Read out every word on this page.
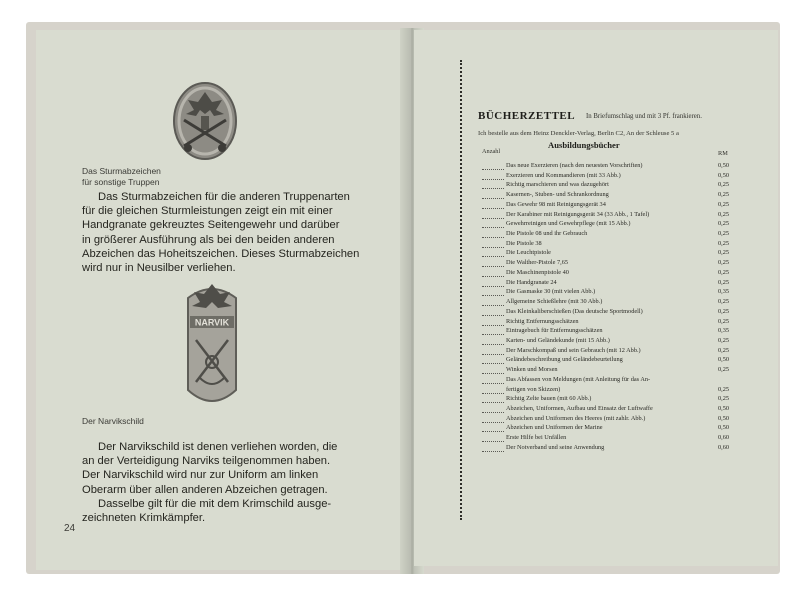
Das Sturmabzeichen
für sonstige Truppen
Das Sturmabzeichen für die anderen Truppenarten
für die gleichen Sturmleistungen zeigt ein mit einer
Handgranate gekreuztes Seitengewehr und darüber
in größerer Ausführung als bei den beiden anderen
Abzeichen das Hoheitszeichen. Dieses Sturmabzeichen
wird nur in Neusilber verliehen.
NARVIK
Der Narvikschild
Der Narvikschild ist denen verliehen worden, die
an der Verteidigung Narviks teilgenommen haben.
Der Narvikschild wird nur zur Uniform am linken
Oberarm über allen anderen Abzeichen getragen.
Dasselbe gilt für die mit dem Krimschild ausge-
zeichneten Krimkämpfer.
24
BÜCHERZETTEL In Briefumschlag und mit 3 Pf. frankieren.
Ich bestelle aus dem Heinz Denckler-Verlag, Berlin C2, An der Schleuse 5 a
Anzahl
Ausbildungsbücher
RM
Das neue Exerzieren (nach den neuesten Vorschriften)	0,50
Exerzieren und Kommandieren (mit 33 Abb.)	0,50
Richtig marschieren und was dazugehört	0,25
Kasernen-, Stuben- und Schrankordnung	0,25
Das Gewehr 98 mit Reinigungsgerät 34	0,25
Der Karabiner mit Reinigungsgerät 34 (33 Abb., 1 Tafel)	0,25
Gewehrreinigen und Gewehrpflege (mit 15 Abb.)	0,25
Die Pistole 08 und ihr Gebrauch	0,25
Die Pistole 38	0,25
Die Leuchtpistole	0,25
Die Walther-Pistole 7,65	0,25
Die Maschinenpistole 40	0,25
Die Handgranate 24	0,25
Die Gasmaske 30 (mit vielen Abb.)	0,35
Allgemeine Schießlehre (mit 30 Abb.)	0,25
Das Kleinkaliberschießen (Das deutsche Sportmodell)	0,25
Richtig Entfernungsschätzen	0,25
Eintragebuch für Entfernungsschätzen	0,35
Karten- und Geländekunde (mit 15 Abb.)	0,25
Der Marschkompaß und sein Gebrauch (mit 12 Abb.)	0,25
Geländebeschreibung und Geländebeurteilung	0,50
Winken und Morsen	0,25
Das Abfassen von Meldungen (mit Anleitung für das An-
fertigen von Skizzen)	0,25
Richtig Zelte bauen (mit 60 Abb.)	0,25
Abzeichen, Uniformen, Aufbau und Einsatz der Luftwaffe	0,50
Abzeichen und Uniformen des Heeres (mit zahlr. Abb.)	0,50
Abzeichen und Uniformen der Marine	0,50
Erste Hilfe bei Unfällen	0,60
Der Notverband und seine Anwendung	0,60
